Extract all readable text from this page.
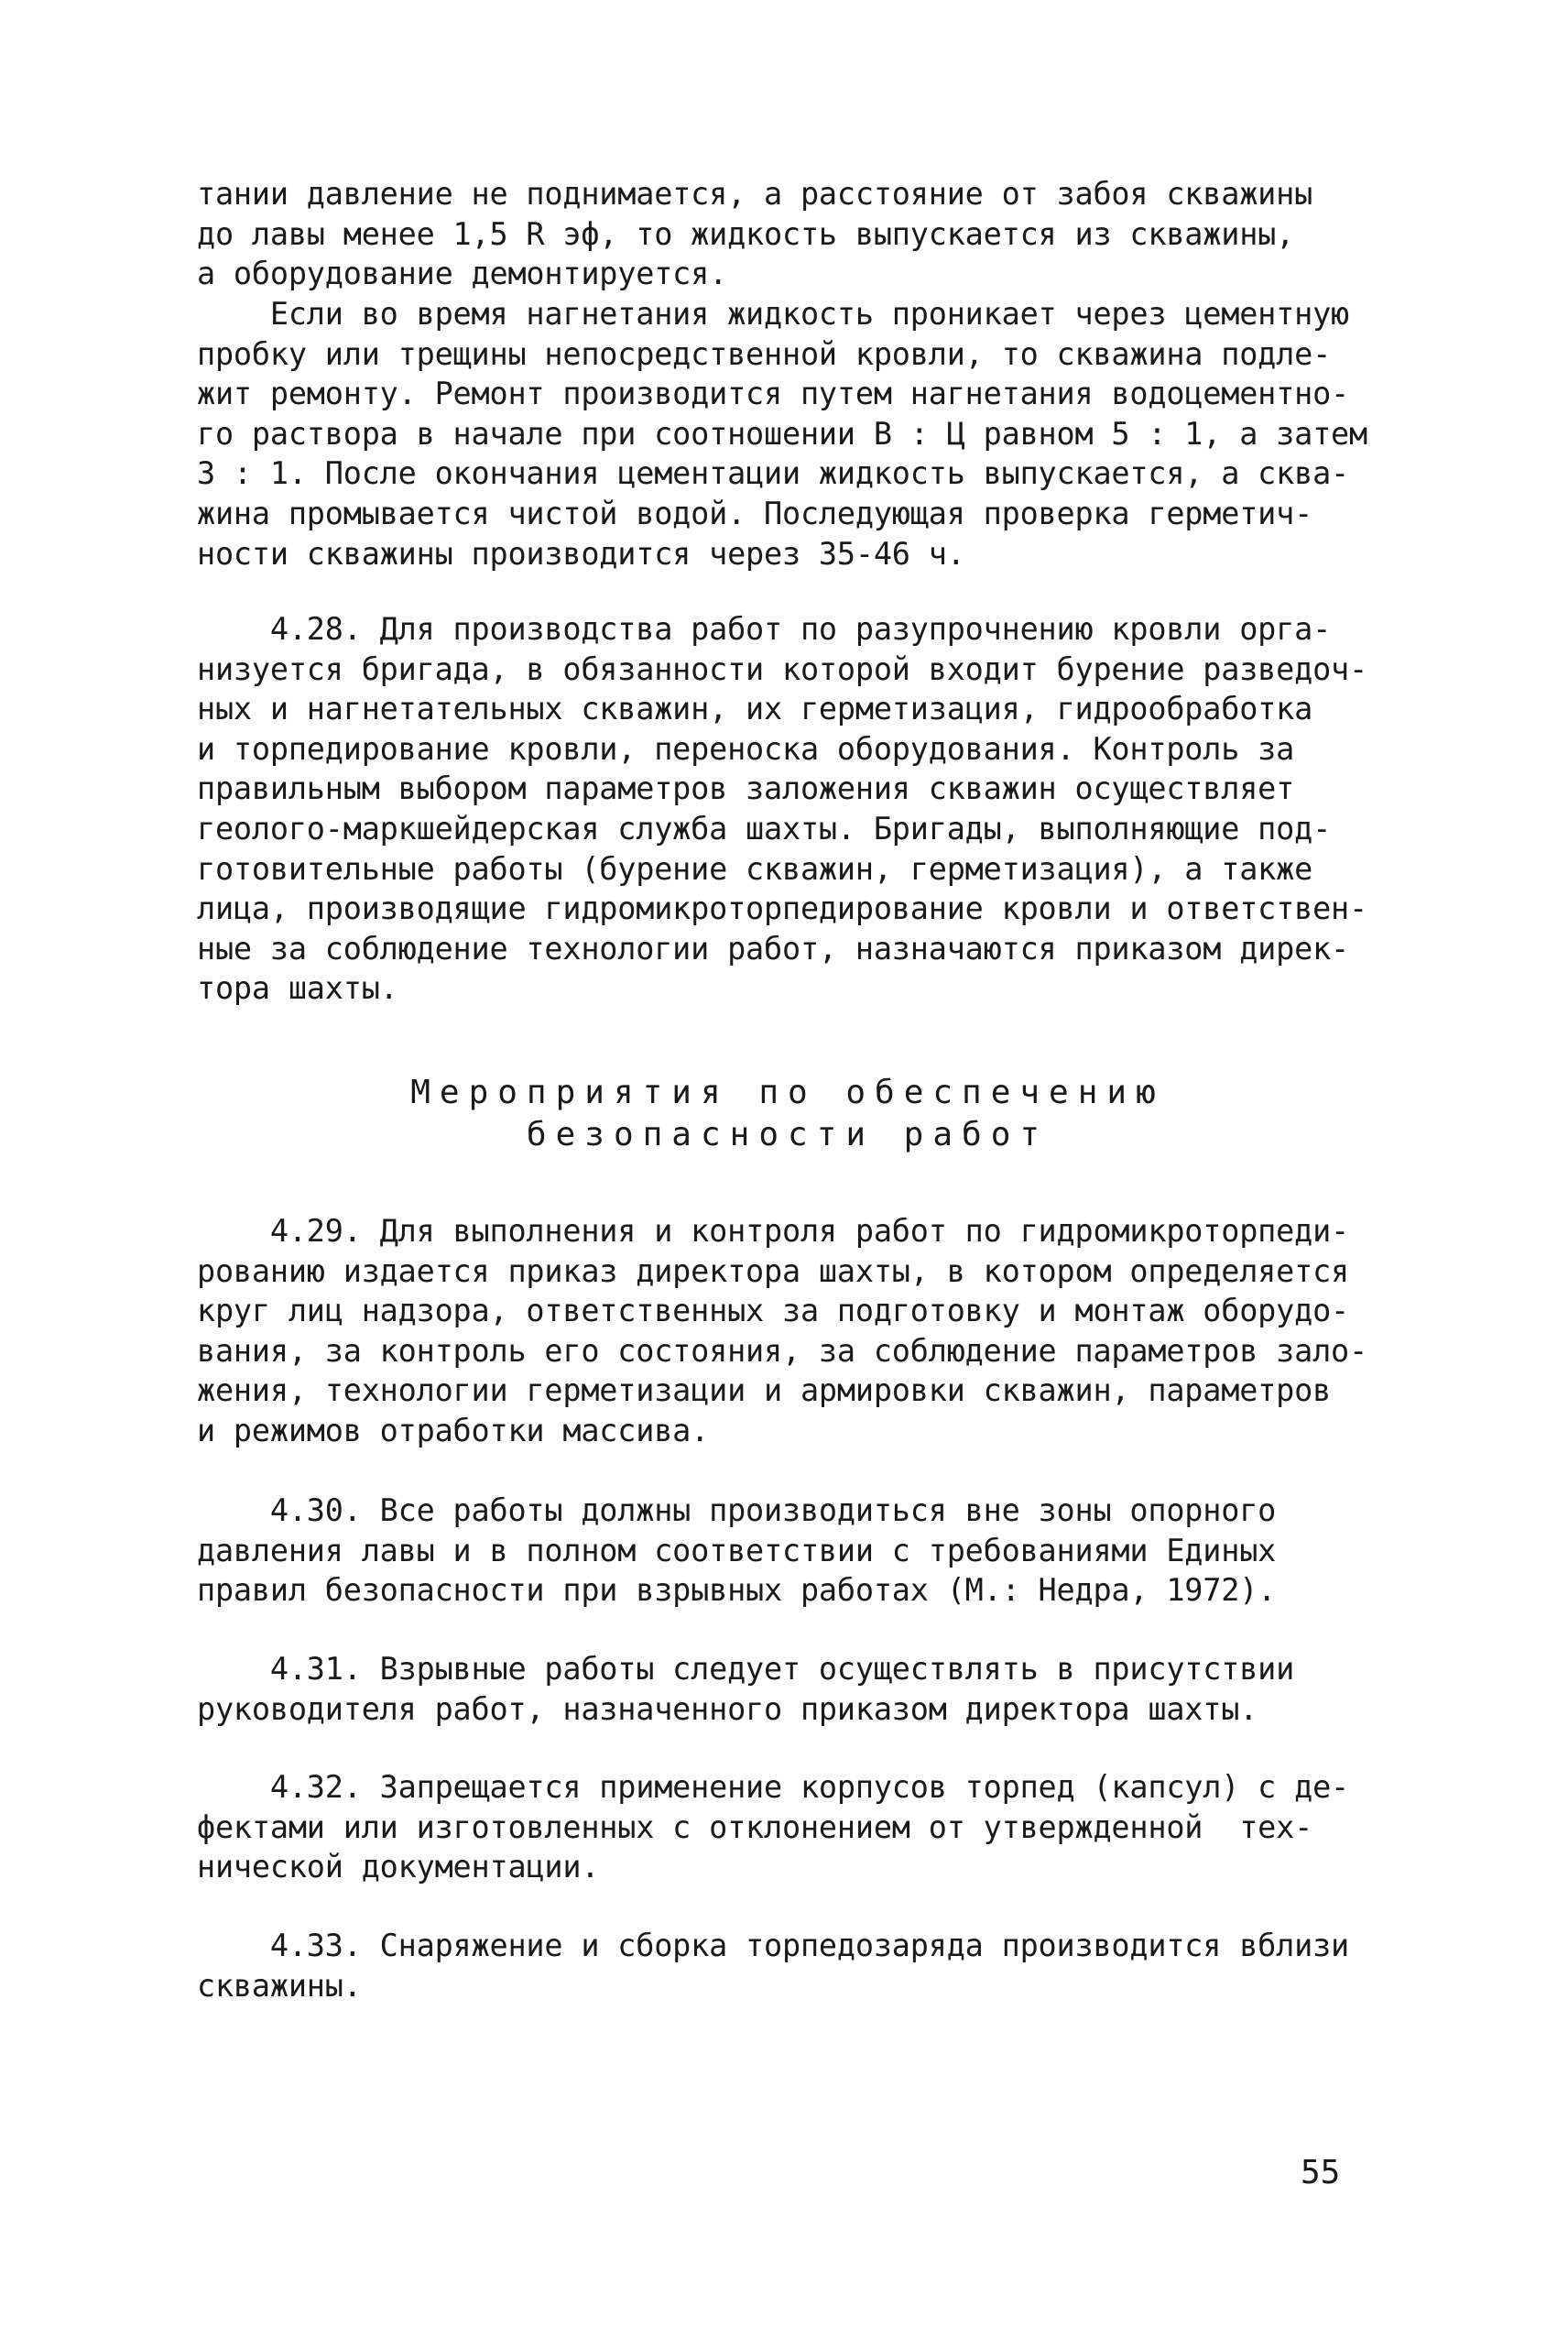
тании давление не поднимается, а расстояние от забоя скважины
до лавы менее 1,5 R эф, то жидкость выпускается из скважины,
а оборудование демонтируется.
Если во время нагнетания жидкость проникает через цементную
пробку или трещины непосредственной кровли, то скважина подле-
жит ремонту. Ремонт производится путем нагнетания водоцементно-
го раствора в начале при соотношении В : Ц равном 5 : 1, а затем
3 : 1. После окончания цементации жидкость выпускается, а сква-
жина промывается чистой водой. Последующая проверка герметич-
ности скважины производится через 35-46 ч.
4.28. Для производства работ по разупрочнению кровли орга-
низуется бригада, в обязанности которой входит бурение разведоч-
ных и нагнетательных скважин, их герметизация, гидрообработка
и торпедирование кровли, переноска оборудования. Контроль за
правильным выбором параметров заложения скважин осуществляет
геолого-маркшейдерская служба шахты. Бригады, выполняющие под-
готовительные работы (бурение скважин, герметизация), а также
лица, производящие гидромикроторпедирование кровли и ответствен-
ные за соблюдение технологии работ, назначаются приказом дирек-
тора шахты.
Мероприятия по обеспечению
безопасности работ
4.29. Для выполнения и контроля работ по гидромикроторпеди-
рованию издается приказ директора шахты, в котором определяется
круг лиц надзора, ответственных за подготовку и монтаж оборудо-
вания, за контроль его состояния, за соблюдение параметров зало-
жения, технологии герметизации и армировки скважин, параметров
и режимов отработки массива.
4.30. Все работы должны производиться вне зоны опорного
давления лавы и в полном соответствии с требованиями Единых
правил безопасности при взрывных работах (М.: Недра, 1972).
4.31. Взрывные работы следует осуществлять в присутствии
руководителя работ, назначенного приказом директора шахты.
4.32. Запрещается применение корпусов торпед (капсул) с де-
фектами или изготовленных с отклонением от утвержденной  тех-
нической документации.
4.33. Снаряжение и сборка торпедозаряда производится вблизи
скважины.
55
